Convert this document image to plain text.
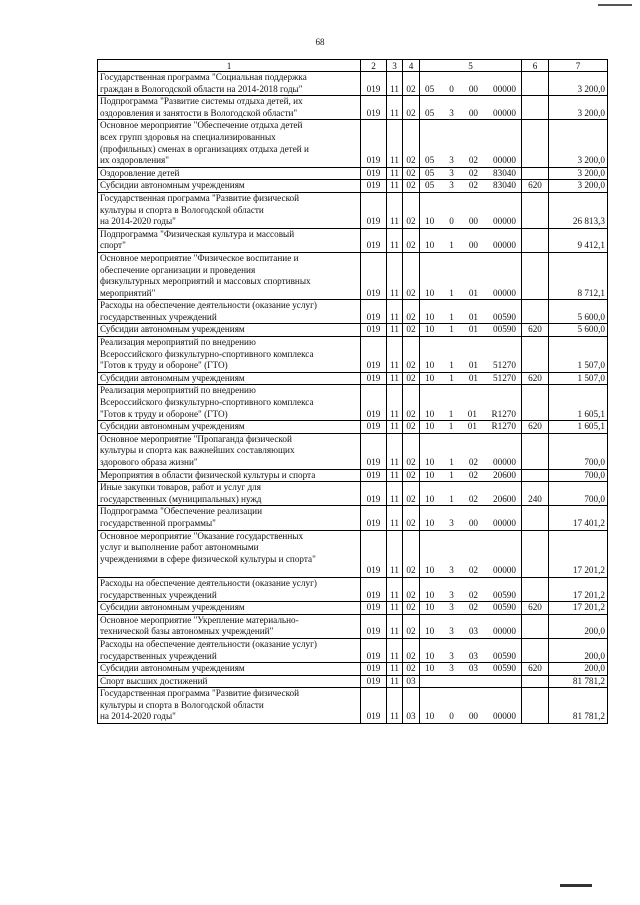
68
1	2	3	4	5	6	7

Государственная программа "Социальная поддержка
граждан в Вологодской области на 2014-2018 годы"	019	11	02	05 0 00 00000		3 200,0

Подпрограмма "Развитие системы отдыха детей, их
оздоровления и занятости в Вологодской области"	019	11	02	05 3 00 00000		3 200,0

Основное мероприятие "Обеспечение отдыха детей
всех групп здоровья на специализированных
(профильных) сменах в организациях отдыха детей и
их оздоровления"	019	11	02	05 3 02 00000		3 200,0

Оздоровление детей	019	11	02	05 3 02 83040		3 200,0

Субсидии автономным учреждениям	019	11	02	05 3 02 83040	620	3 200,0

Государственная программа "Развитие физической
культуры и спорта в Вологодской области
на 2014-2020 годы"	019	11	02	10 0 00 00000		26 813,3

Подпрограмма "Физическая культура и массовый
спорт"	019	11	02	10 1 00 00000		9 412,1

Основное мероприятие "Физическое воспитание и
обеспечение организации и проведения
физкультурных мероприятий и массовых спортивных
мероприятий"	019	11	02	10 1 01 00000		8 712,1

Расходы на обеспечение деятельности (оказание услуг)
государственных учреждений	019	11	02	10 1 01 00590		5 600,0

Субсидии автономным учреждениям	019	11	02	10 1 01 00590	620	5 600,0

Реализация мероприятий по внедрению
Всероссийского физкультурно-спортивного комплекса
"Готов к труду и обороне" (ГТО)	019	11	02	10 1 01 51270		1 507,0

Субсидии автономным учреждениям	019	11	02	10 1 01 51270	620	1 507,0

Реализация мероприятий по внедрению
Всероссийского физкультурно-спортивного комплекса
"Готов к труду и обороне" (ГТО)	019	11	02	10 1 01 R1270		1 605,1

Субсидии автономным учреждениям	019	11	02	10 1 01 R1270	620	1 605,1

Основное мероприятие "Пропаганда физической
культуры и спорта как важнейших составляющих
здорового образа жизни"	019	11	02	10 1 02 00000		700,0

Мероприятия в области физической культуры и спорта	019	11	02	10 1 02 20600		700,0

Иные закупки товаров, работ и услуг для
государственных (муниципальных) нужд	019	11	02	10 1 02 20600	240	700,0

Подпрограмма "Обеспечение реализации
государственной программы"	019	11	02	10 3 00 00000		17 401,2

Основное мероприятие "Оказание государственных
услуг и выполнение работ автономными
учреждениями в сфере физической культуры и спорта"	019	11	02	10 3 02 00000		17 201,2

Расходы на обеспечение деятельности (оказание услуг)
государственных учреждений	019	11	02	10 3 02 00590		17 201,2

Субсидии автономным учреждениям	019	11	02	10 3 02 00590	620	17 201,2

Основное мероприятие "Укрепление материально-
технической базы автономных учреждений"	019	11	02	10 3 03 00000		200,0

Расходы на обеспечение деятельности (оказание услуг)
государственных учреждений	019	11	02	10 3 03 00590		200,0

Субсидии автономным учреждениям	019	11	02	10 3 03 00590	620	200,0

Спорт высших достижений	019	11	03			81 781,2

Государственная программа "Развитие физической
культуры и спорта в Вологодской области
на 2014-2020 годы"	019	11	03	10 0 00 00000		81 781,2
